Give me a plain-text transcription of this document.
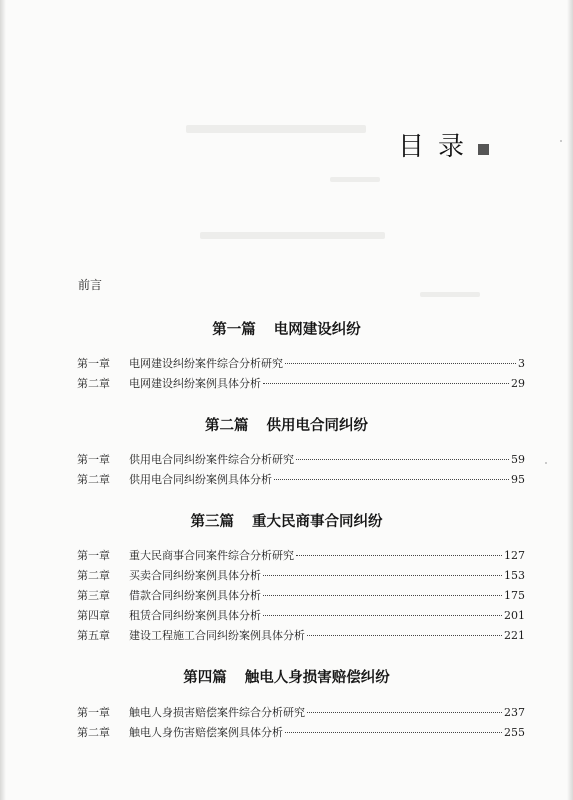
目录
前言
第一篇 电网建设纠纷
第一章	电网建设纠纷案件综合分析研究	3
第二章	电网建设纠纷案例具体分析	29
第二篇 供用电合同纠纷
第一章	供用电合同纠纷案件综合分析研究	59
第二章	供用电合同纠纷案例具体分析	95
第三篇 重大民商事合同纠纷
第一章	重大民商事合同案件综合分析研究	127
第二章	买卖合同纠纷案例具体分析	153
第三章	借款合同纠纷案例具体分析	175
第四章	租赁合同纠纷案例具体分析	201
第五章	建设工程施工合同纠纷案例具体分析	221
第四篇 触电人身损害赔偿纠纷
第一章	触电人身损害赔偿案件综合分析研究	237
第二章	触电人身伤害赔偿案例具体分析	255
